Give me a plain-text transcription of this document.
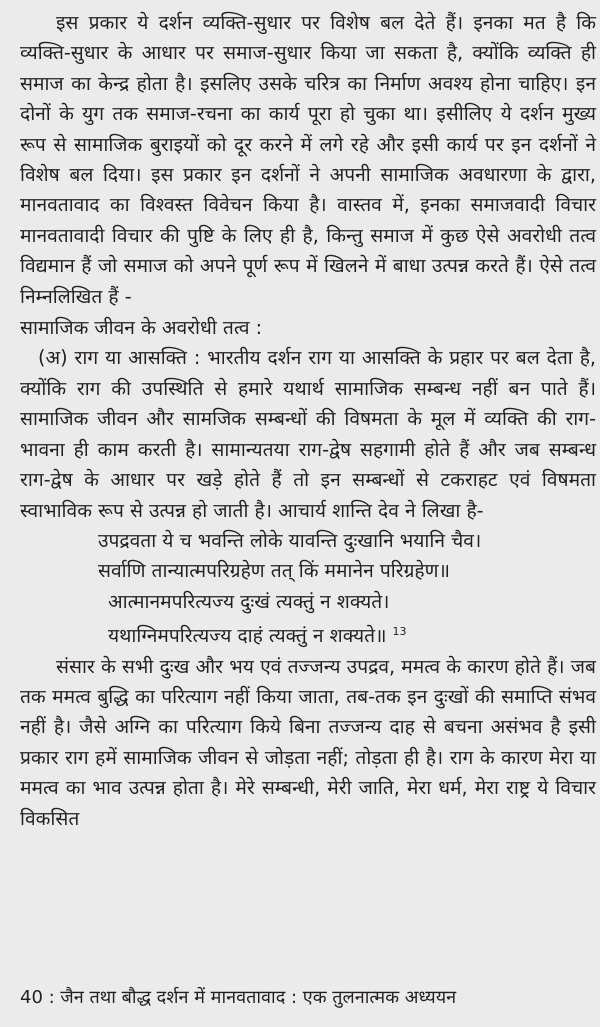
इस प्रकार ये दर्शन व्यक्ति-सुधार पर विशेष बल देते हैं। इनका मत है कि व्यक्ति-सुधार के आधार पर समाज-सुधार किया जा सकता है, क्योंकि व्यक्ति ही समाज का केन्द्र होता है। इसलिए उसके चरित्र का निर्माण अवश्य होना चाहिए। इन दोनों के युग तक समाज-रचना का कार्य पूरा हो चुका था। इसीलिए ये दर्शन मुख्य रूप से सामाजिक बुराइयों को दूर करने में लगे रहे और इसी कार्य पर इन दर्शनों ने विशेष बल दिया। इस प्रकार इन दर्शनों ने अपनी सामाजिक अवधारणा के द्वारा, मानवतावाद का विश्वस्त विवेचन किया है। वास्तव में, इनका समाजवादी विचार मानवतावादी विचार की पुष्टि के लिए ही है, किन्तु समाज में कुछ ऐसे अवरोधी तत्व विद्यमान हैं जो समाज को अपने पूर्ण रूप में खिलने में बाधा उत्पन्न करते हैं। ऐसे तत्व निम्नलिखित हैं -

सामाजिक जीवन के अवरोधी तत्व :

(अ) राग या आसक्ति : भारतीय दर्शन राग या आसक्ति के प्रहार पर बल देता है, क्योंकि राग की उपस्थिति से हमारे यथार्थ सामाजिक सम्बन्ध नहीं बन पाते हैं। सामाजिक जीवन और सामजिक सम्बन्धों की विषमता के मूल में व्यक्ति की राग-भावना ही काम करती है। सामान्यतया राग-द्वेष सहगामी होते हैं और जब सम्बन्ध राग-द्वेष के आधार पर खड़े होते हैं तो इन सम्बन्धों से टकराहट एवं विषमता स्वाभाविक रूप से उत्पन्न हो जाती है। आचार्य शान्ति देव ने लिखा है-

उपद्रवता ये च भवन्ति लोके यावन्ति दुःखानि भयानि चैव।
सर्वाणि तान्यात्मपरिग्रहेण तत् किं ममानेन परिग्रहेण॥
आत्मानमपरित्यज्य दुःखं त्यक्तुं न शक्यते।
यथाग्निमपरित्यज्य दाहं त्यक्तुं न शक्यते॥ $^{13}$

संसार के सभी दुःख और भय एवं तज्जन्य उपद्रव, ममत्व के कारण होते हैं। जब तक ममत्व बुद्धि का परित्याग नहीं किया जाता, तब-तक इन दुःखों की समाप्ति संभव नहीं है। जैसे अग्नि का परित्याग किये बिना तज्जन्य दाह से बचना असंभव है इसी प्रकार राग हमें सामाजिक जीवन से जोड़ता नहीं; तोड़ता ही है। राग के कारण मेरा या ममत्व का भाव उत्पन्न होता है। मेरे सम्बन्धी, मेरी जाति, मेरा धर्म, मेरा राष्ट्र ये विचार विकसित

40 : जैन तथा बौद्ध दर्शन में मानवतावाद : एक तुलनात्मक अध्ययन
